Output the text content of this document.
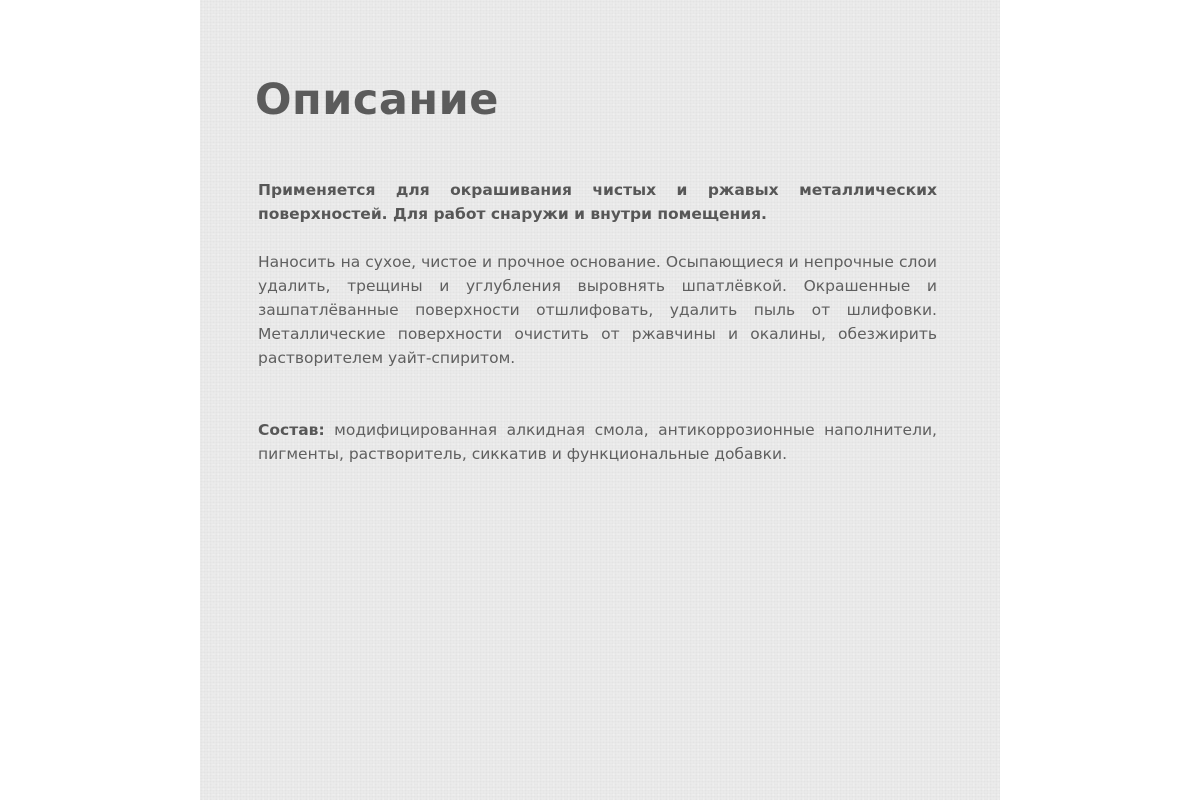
Описание

Применяется для окрашивания чистых и ржавых металлических поверхностей. Для работ снаружи и внутри помещения.

Наносить на сухое, чистое и прочное основание. Осыпающиеся и непрочные слои удалить, трещины и углубления выровнять шпатлёвкой. Окрашенные и зашпатлёванные поверхности отшлифовать, удалить пыль от шлифовки. Металлические поверхности очистить от ржавчины и окалины, обезжирить растворителем уайт-спиритом.

Состав: модифицированная алкидная смола, антикоррозионные наполнители, пигменты, растворитель, сиккатив и функциональные добавки.
